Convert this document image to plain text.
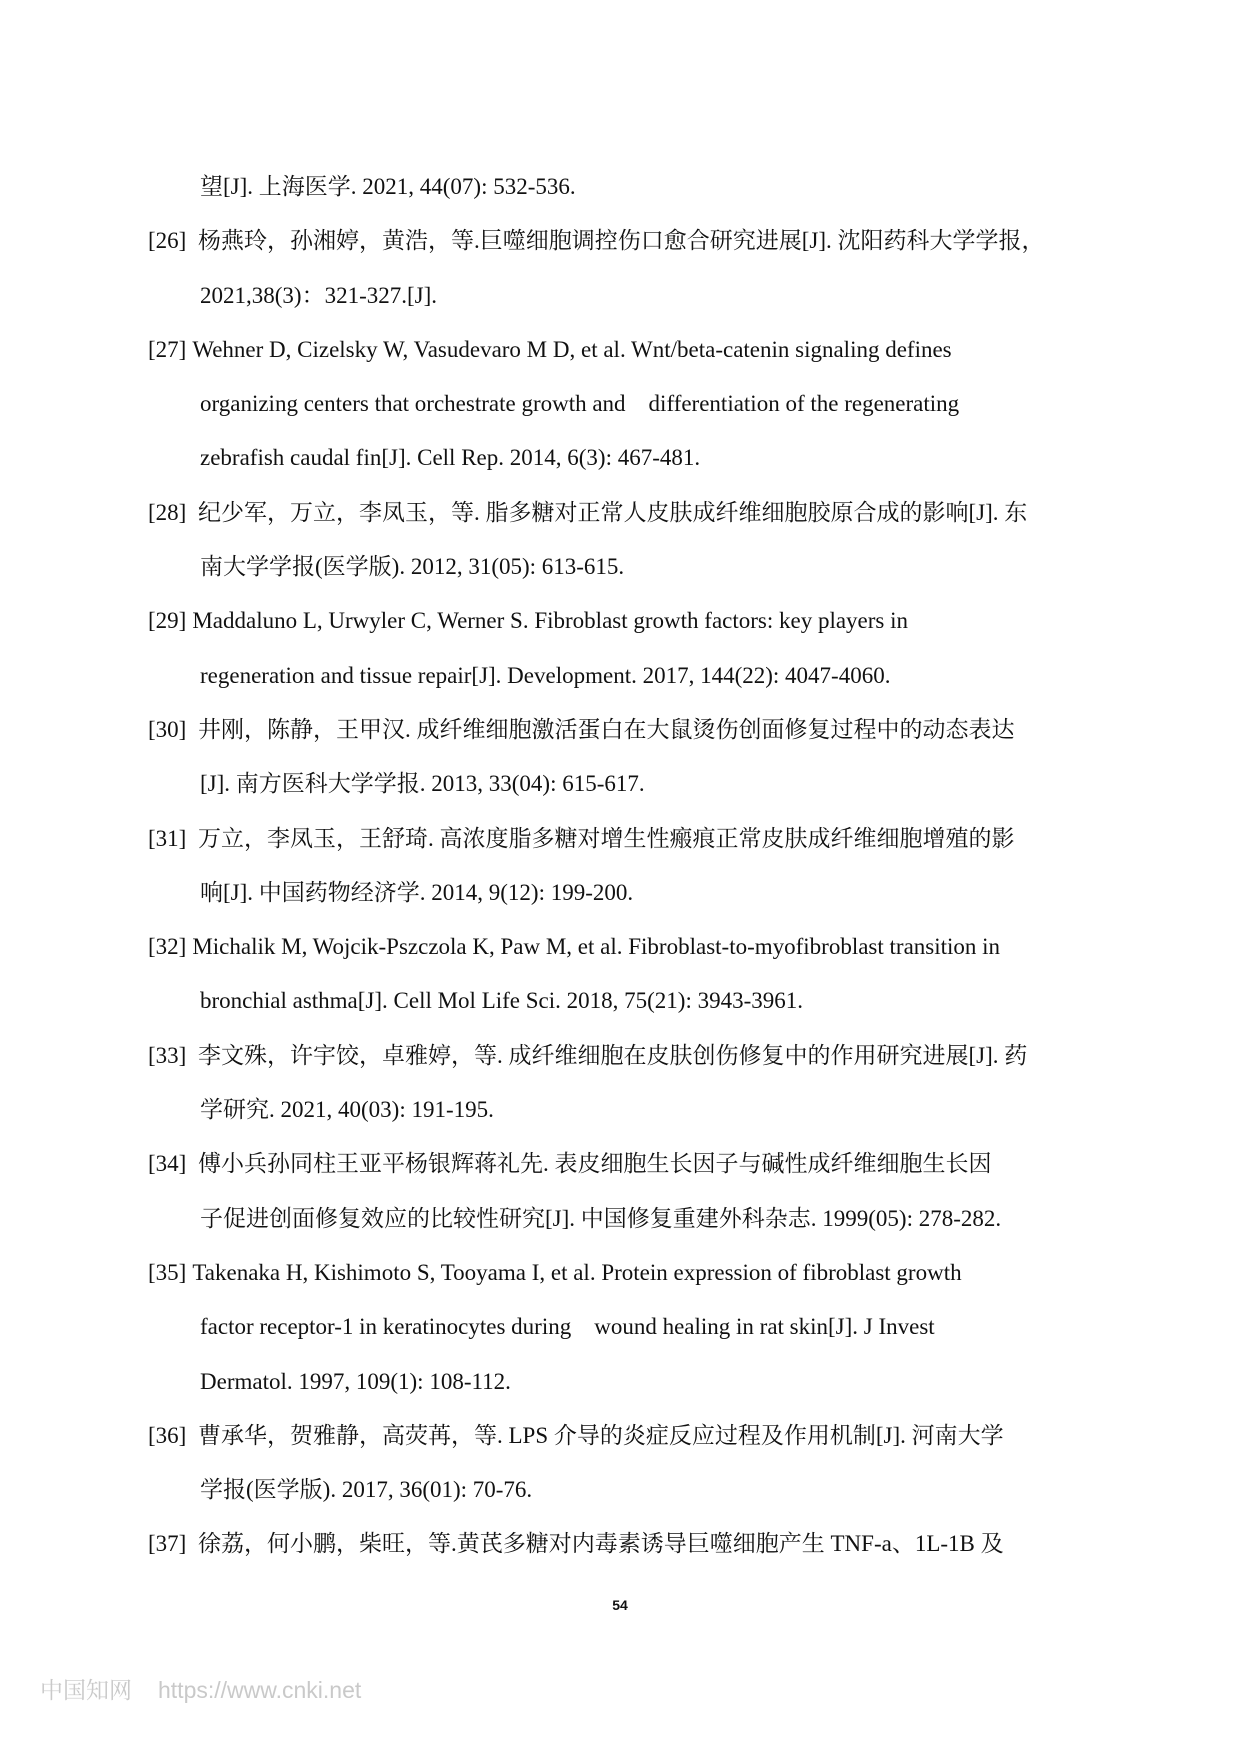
望[J]. 上海医学. 2021, 44(07): 532-536.
[26] 杨燕玲，孙湘婷，黄浩，等.巨噬细胞调控伤口愈合研究进展[J]. 沈阳药科大学学报，
2021,38(3)：321-327.[J].
[27] Wehner D, Cizelsky W, Vasudevaro M D, et al. Wnt/beta-catenin signaling defines
organizing centers that orchestrate growth and    differentiation of the regenerating
zebrafish caudal fin[J]. Cell Rep. 2014, 6(3): 467-481.
[28] 纪少军，万立，李凤玉，等. 脂多糖对正常人皮肤成纤维细胞胶原合成的影响[J]. 东
南大学学报(医学版). 2012, 31(05): 613-615.
[29] Maddaluno L, Urwyler C, Werner S. Fibroblast growth factors: key players in
regeneration and tissue repair[J]. Development. 2017, 144(22): 4047-4060.
[30] 井刚，陈静，王甲汉. 成纤维细胞激活蛋白在大鼠烫伤创面修复过程中的动态表达
[J]. 南方医科大学学报. 2013, 33(04): 615-617.
[31] 万立，李凤玉，王舒琦. 高浓度脂多糖对增生性瘢痕正常皮肤成纤维细胞增殖的影
响[J]. 中国药物经济学. 2014, 9(12): 199-200.
[32] Michalik M, Wojcik-Pszczola K, Paw M, et al. Fibroblast-to-myofibroblast transition in
bronchial asthma[J]. Cell Mol Life Sci. 2018, 75(21): 3943-3961.
[33] 李文殊，许宇饺，卓雅婷，等. 成纤维细胞在皮肤创伤修复中的作用研究进展[J]. 药
学研究. 2021, 40(03): 191-195.
[34] 傅小兵孙同柱王亚平杨银辉蒋礼先. 表皮细胞生长因子与碱性成纤维细胞生长因
子促进创面修复效应的比较性研究[J]. 中国修复重建外科杂志. 1999(05): 278-282.
[35] Takenaka H, Kishimoto S, Tooyama I, et al. Protein expression of fibroblast growth
factor receptor-1 in keratinocytes during    wound healing in rat skin[J]. J Invest
Dermatol. 1997, 109(1): 108-112.
[36] 曹承华，贺雅静，高荧苒，等. LPS 介导的炎症反应过程及作用机制[J]. 河南大学
学报(医学版). 2017, 36(01): 70-76.
[37] 徐荔，何小鹏，柴旺，等.黄芪多糖对内毒素诱导巨噬细胞产生 TNF-a、1L-1B 及
54
中国知网 https://www.cnki.net
